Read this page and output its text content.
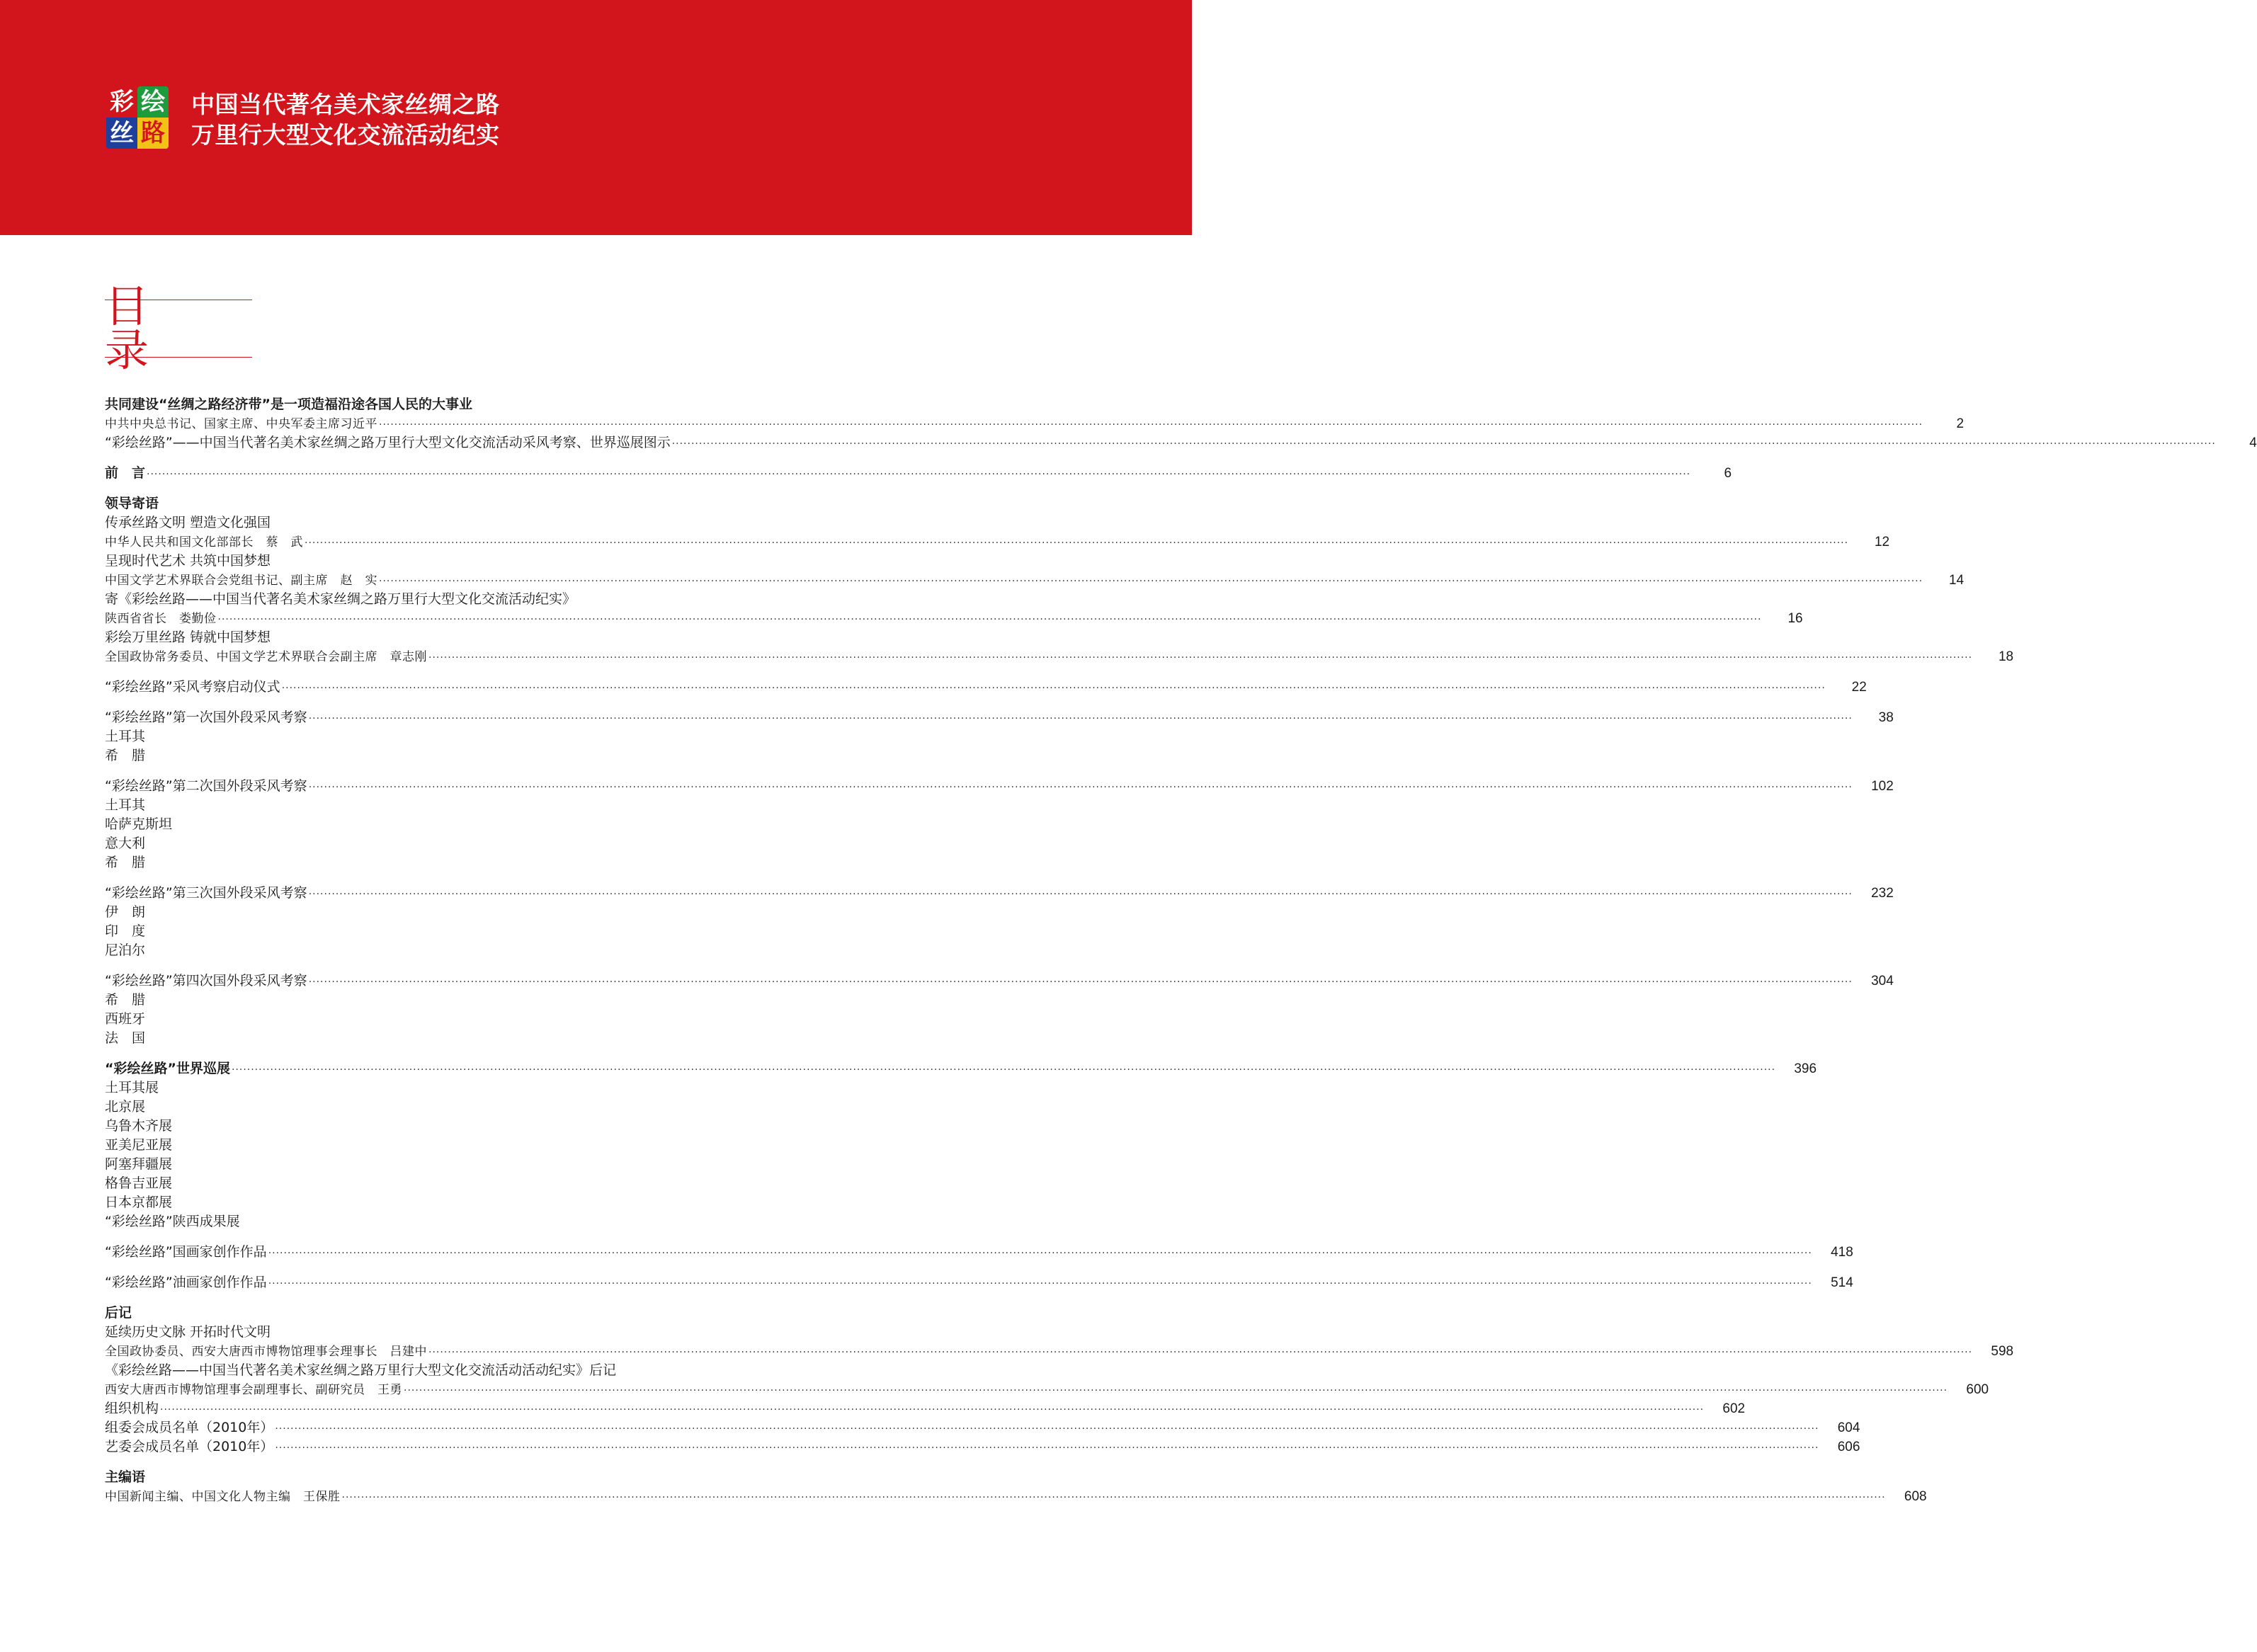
彩 绘
丝 路
中国当代著名美术家丝绸之路
万里行大型文化交流活动纪实
目　录
共同建设“丝绸之路经济带”是一项造福沿途各国人民的大事业
中共中央总书记、国家主席、中央军委主席习近平 ················································································································································································································································································································································································································	2
“彩绘丝路”——中国当代著名美术家丝绸之路万里行大型文化交流活动采风考察、世界巡展图示 ················································································································································································································································································································································································································	4
前　言 ················································································································································································································································································································································································································	6
领导寄语
传承丝路文明 塑造文化强国
中华人民共和国文化部部长　蔡　武 ················································································································································································································································································································································································································	12
呈现时代艺术 共筑中国梦想
中国文学艺术界联合会党组书记、副主席　赵　实 ················································································································································································································································································································································································································	14
寄《彩绘丝路——中国当代著名美术家丝绸之路万里行大型文化交流活动纪实》
陕西省省长　娄勤俭 ················································································································································································································································································································································································································	16
彩绘万里丝路 铸就中国梦想
全国政协常务委员、中国文学艺术界联合会副主席　章志刚 ················································································································································································································································································································································································································	18
“彩绘丝路”采风考察启动仪式 ················································································································································································································································································································································································································	22
“彩绘丝路”第一次国外段采风考察 ················································································································································································································································································································································································································	38
土耳其
希　腊
“彩绘丝路”第二次国外段采风考察 ················································································································································································································································································································································································································	102
土耳其
哈萨克斯坦
意大利
希　腊
“彩绘丝路”第三次国外段采风考察 ················································································································································································································································································································································································································	232
伊　朗
印　度
尼泊尔
“彩绘丝路”第四次国外段采风考察 ················································································································································································································································································································································································································	304
希　腊
西班牙
法　国
“彩绘丝路”世界巡展 ················································································································································································································································································································································································································	396
土耳其展
北京展
乌鲁木齐展
亚美尼亚展
阿塞拜疆展
格鲁吉亚展
日本京都展
“彩绘丝路”陕西成果展
“彩绘丝路”国画家创作作品 ················································································································································································································································································································································································································	418
“彩绘丝路”油画家创作作品 ················································································································································································································································································································································································································	514
后记
延续历史文脉 开拓时代文明
全国政协委员、西安大唐西市博物馆理事会理事长　吕建中 ················································································································································································································································································································································································································	598
《彩绘丝路——中国当代著名美术家丝绸之路万里行大型文化交流活动活动纪实》后记
西安大唐西市博物馆理事会副理事长、副研究员　王勇 ················································································································································································································································································································································································································	600
组织机构 ················································································································································································································································································································································································································	602
组委会成员名单（2010年） ················································································································································································································································································································································································································	604
艺委会成员名单（2010年） ················································································································································································································································································································································································································	606
主编语
中国新闻主编、中国文化人物主编　王保胜 ················································································································································································································································································································································································································	608
